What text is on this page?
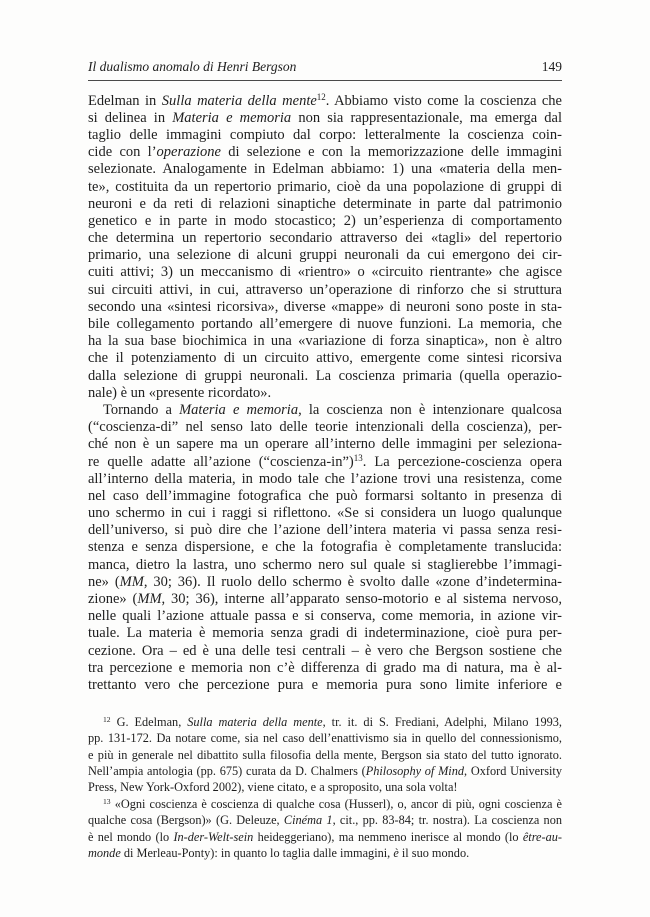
Il dualismo anomalo di Henri Bergson	149
Edelman in Sulla materia della mente$^{12}$. Abbiamo visto come la coscienza che
si delinea in Materia e memoria non sia rappresentazionale, ma emerga dal
taglio delle immagini compiuto dal corpo: letteralmente la coscienza coin-
cide con l’operazione di selezione e con la memorizzazione delle immagini
selezionate. Analogamente in Edelman abbiamo: 1) una «materia della men-
te», costituita da un repertorio primario, cioè da una popolazione di gruppi di
neuroni e da reti di relazioni sinaptiche determinate in parte dal patrimonio
genetico e in parte in modo stocastico; 2) un’esperienza di comportamento
che determina un repertorio secondario attraverso dei «tagli» del repertorio
primario, una selezione di alcuni gruppi neuronali da cui emergono dei cir-
cuiti attivi; 3) un meccanismo di «rientro» o «circuito rientrante» che agisce
sui circuiti attivi, in cui, attraverso un’operazione di rinforzo che si struttura
secondo una «sintesi ricorsiva», diverse «mappe» di neuroni sono poste in sta-
bile collegamento portando all’emergere di nuove funzioni. La memoria, che
ha la sua base biochimica in una «variazione di forza sinaptica», non è altro
che il potenziamento di un circuito attivo, emergente come sintesi ricorsiva
dalla selezione di gruppi neuronali. La coscienza primaria (quella operazio-
nale) è un «presente ricordato».
Tornando a Materia e memoria, la coscienza non è intenzionare qualcosa
(“coscienza-di” nel senso lato delle teorie intenzionali della coscienza), per-
ché non è un sapere ma un operare all’interno delle immagini per seleziona-
re quelle adatte all’azione (“coscienza-in”)$^{13}$. La percezione-coscienza opera
all’interno della materia, in modo tale che l’azione trovi una resistenza, come
nel caso dell’immagine fotografica che può formarsi soltanto in presenza di
uno schermo in cui i raggi si riflettono. «Se si considera un luogo qualunque
dell’universo, si può dire che l’azione dell’intera materia vi passa senza resi-
stenza e senza dispersione, e che la fotografia è completamente translucida:
manca, dietro la lastra, uno schermo nero sul quale si staglierebbe l’immagi-
ne» (MM, 30; 36). Il ruolo dello schermo è svolto dalle «zone d’indetermina-
zione» (MM, 30; 36), interne all’apparato senso-motorio e al sistema nervoso,
nelle quali l’azione attuale passa e si conserva, come memoria, in azione vir-
tuale. La materia è memoria senza gradi di indeterminazione, cioè pura per-
cezione. Ora – ed è una delle tesi centrali – è vero che Bergson sostiene che
tra percezione e memoria non c’è differenza di grado ma di natura, ma è al-
trettanto vero che percezione pura e memoria pura sono limite inferiore e
$^{12}$ G. Edelman, Sulla materia della mente, tr. it. di S. Frediani, Adelphi, Milano 1993,
pp. 131-172. Da notare come, sia nel caso dell’enattivismo sia in quello del connessionismo,
e più in generale nel dibattito sulla filosofia della mente, Bergson sia stato del tutto ignorato.
Nell’ampia antologia (pp. 675) curata da D. Chalmers (Philosophy of Mind, Oxford University
Press, New York-Oxford 2002), viene citato, e a sproposito, una sola volta!
$^{13}$ «Ogni coscienza è coscienza di qualche cosa (Husserl), o, ancor di più, ogni coscienza è
qualche cosa (Bergson)» (G. Deleuze, Cinéma 1, cit., pp. 83-84; tr. nostra). La coscienza non
è nel mondo (lo In-der-Welt-sein heideggeriano), ma nemmeno inerisce al mondo (lo être-au-
monde di Merleau-Ponty): in quanto lo taglia dalle immagini, è il suo mondo.
